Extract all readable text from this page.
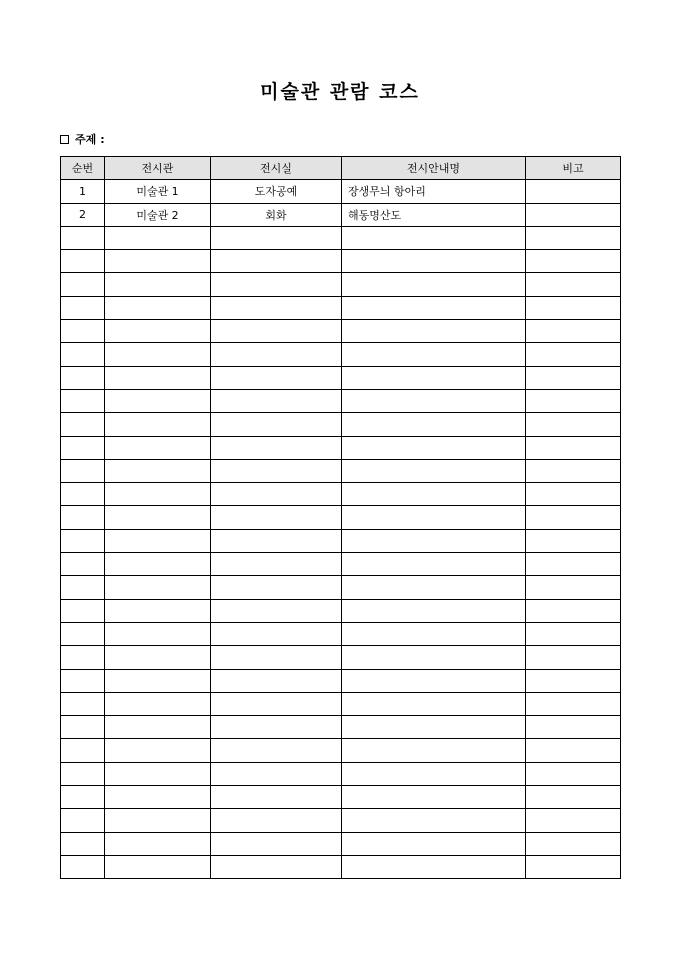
미술관 관람 코스
주제 :
순번	전시관	전시실	전시안내명	비고
1	미술관 1	도자공예	장생무늬 항아리	
2	미술관 2	회화	해동명산도	
